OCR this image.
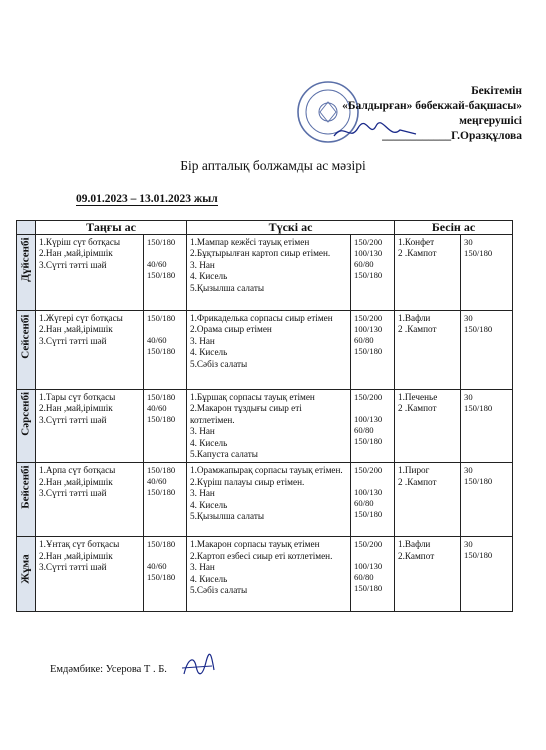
Бекітемін
«Балдырған» бөбекжай-бақшасы»
меңгерушісі
____________Г.Оразқұлова
Бір апталық болжамды ас мәзірі
09.01.2023 – 13.01.2023 жыл
	Таңғы ас		Түскі ас		Бесін ас	

Дүйсенбі	1.Күріш сүт ботқасы
2.Нан ,май,ірімшік
3.Сүтті тәтті шәй	150/180
40/60
150/180	1.Мампар кежӗсі тауық етімен
2.Бұқтырылған картоп сиыр етімен.
3. Нан
4. Кисель
5.Қызылша салаты	150/200
100/130
60/80
150/180	1.Конфет
2 .Кампот	30
150/180

Сейсенбі	1.Жүгері сүт ботқасы
2.Нан ,май,ірімшік
3.Сүтті тәтті шәй	150/180
40/60
150/180	1.Фрикаделька сорпасы сиыр етімен
2.Орама сиыр етімен
3. Нан
4. Кисель
5.Сәбіз салаты	150/200
100/130
60/80
150/180	1.Вафли
2 .Кампот	30
150/180

Сәрсенбі	1.Тары сүт ботқасы
2.Нан ,май,ірімшік
3.Сүтті тәтті шәй	150/180
40/60
150/180	1.Бұршақ сорпасы тауық етімен
2.Макарон тұздығы сиыр еті котлетімен.
3. Нан
4. Кисель
5.Капуста салаты	150/200
100/130
60/80
150/180	1.Печенье
2 .Кампот	30
150/180

Бейсенбі	1.Арпа сүт ботқасы
2.Нан ,май,ірімшік
3.Сүтті тәтті шәй	150/180
40/60
150/180	1.Орамжапырақ сорпасы тауық етімен.
2.Күріш палауы сиыр етімен.
3. Нан
4. Кисель
5.Қызылша салаты	150/200
100/130
60/80
150/180	1.Пирог
2 .Кампот	30
150/180

Жұма	1.Ұнтақ сүт ботқасы
2.Нан ,май,ірімшік
3.Сүтті тәтті шәй	150/180
40/60
150/180	1.Макарон сорпасы тауық етімен
2.Картоп езбесі сиыр еті котлетімен.
3. Нан
4. Кисель
5.Сәбіз салаты	150/200
100/130
60/80
150/180	1.Вафли
2.Кампот	30
150/180
Емдәмбике: Усерова Т . Б.
